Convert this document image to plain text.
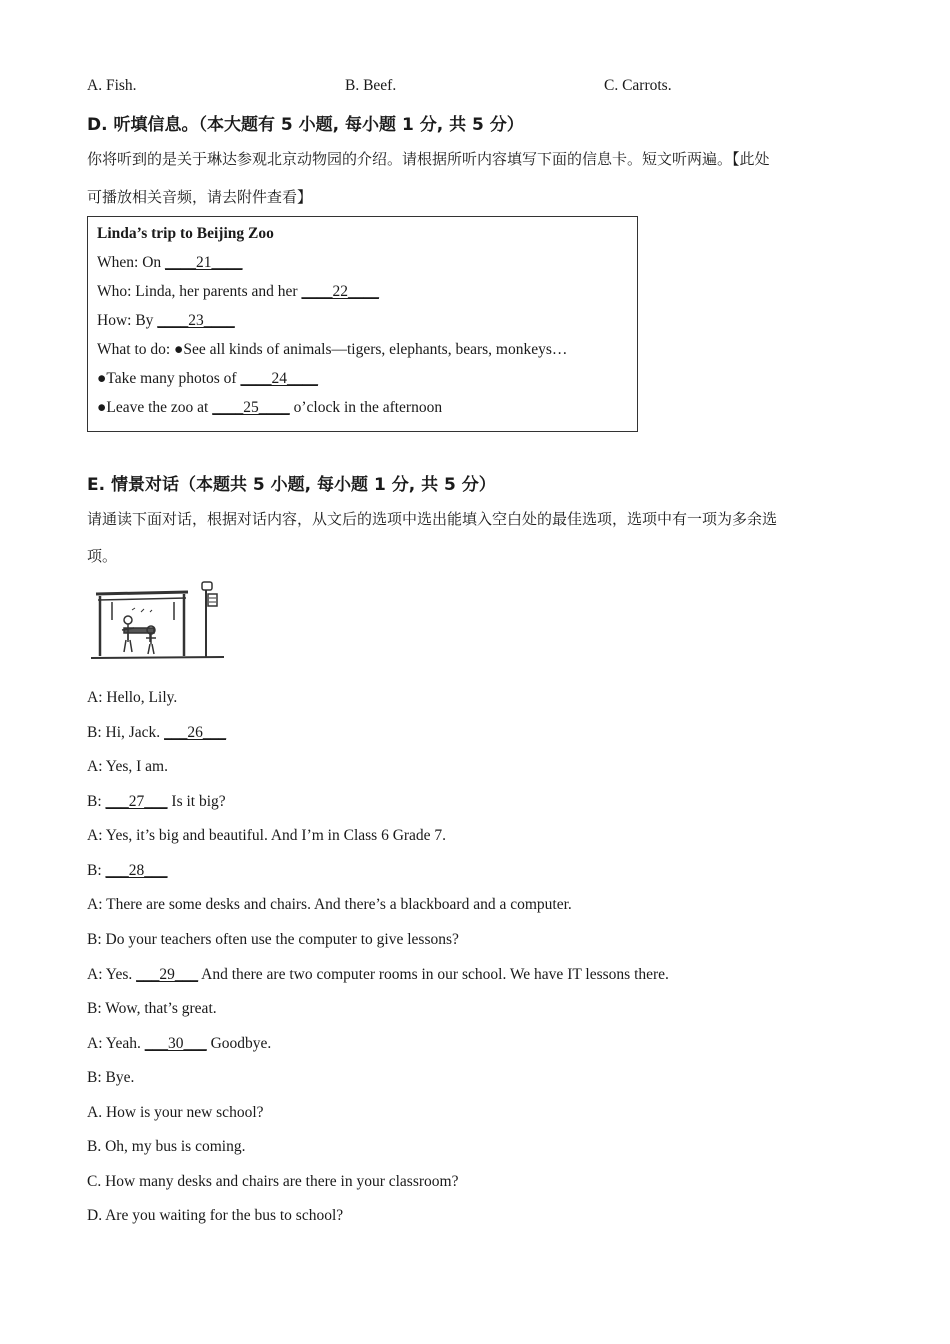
A. Fish.	B. Beef.	C. Carrots.
D. 听填信息。（本大题有 5 小题, 每小题 1 分, 共 5 分）
你将听到的是关于琳达参观北京动物园的介绍。请根据所听内容填写下面的信息卡。短文听两遍。【此处
可播放相关音频，请去附件查看】
Linda’s trip to Beijing Zoo
When: On ____21____
Who: Linda, her parents and her ____22____
How: By ____23____
What to do: ●See all kinds of animals—tigers, elephants, bears, monkeys…
●Take many photos of ____24____
●Leave the zoo at ____25____ o’clock in the afternoon
E. 情景对话（本题共 5 小题, 每小题 1 分, 共 5 分）
请通读下面对话，根据对话内容，从文后的选项中选出能填入空白处的最佳选项，选项中有一项为多余选
项。
A: Hello, Lily.
B: Hi, Jack. ___26___
A: Yes, I am.
B: ___27___ Is it big?
A: Yes, it’s big and beautiful. And I’m in Class 6 Grade 7.
B: ___28___
A: There are some desks and chairs. And there’s a blackboard and a computer.
B: Do your teachers often use the computer to give lessons?
A: Yes. ___29___ And there are two computer rooms in our school. We have IT lessons there.
B: Wow, that’s great.
A: Yeah. ___30___ Goodbye.
B: Bye.
A. How is your new school?
B. Oh, my bus is coming.
C. How many desks and chairs are there in your classroom?
D. Are you waiting for the bus to school?
